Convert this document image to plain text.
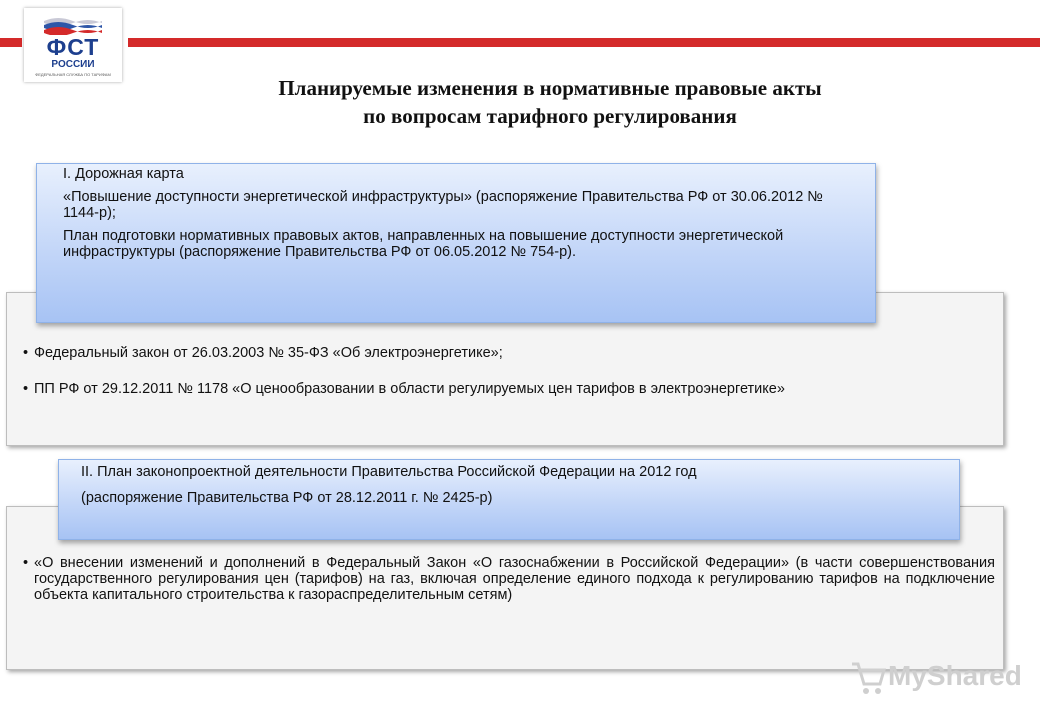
ФСТ
РОССИИ
ФЕДЕРАЛЬНАЯ СЛУЖБА ПО ТАРИФАМ
Планируемые изменения в нормативные правовые акты
по вопросам тарифного регулирования
• Федеральный закон от 26.03.2003 № 35-ФЗ «Об электроэнергетике»;
• ПП РФ от 29.12.2011 № 1178 «О ценообразовании в области регулируемых цен тарифов в электроэнергетике»

I. Дорожная карта

«Повышение доступности энергетической инфраструктуры» (распоряжение Правительства РФ от 30.06.2012 № 1144-р);

План подготовки нормативных правовых актов, направленных на повышение доступности энергетической инфраструктуры (распоряжение Правительства РФ от 06.05.2012 № 754-р).

• «О внесении изменений и дополнений в Федеральный Закон «О газоснабжении в Российской Федерации» (в части совершенствования государственного регулирования цен (тарифов) на газ, включая определение единого подхода к регулированию тарифов на подключение объекта капитального строительства к газораспределительным сетям)

II. План законопроектной деятельности Правительства Российской Федерации на 2012 год

(распоряжение Правительства РФ от 28.12.2011 г. № 2425-р)

MyShared
